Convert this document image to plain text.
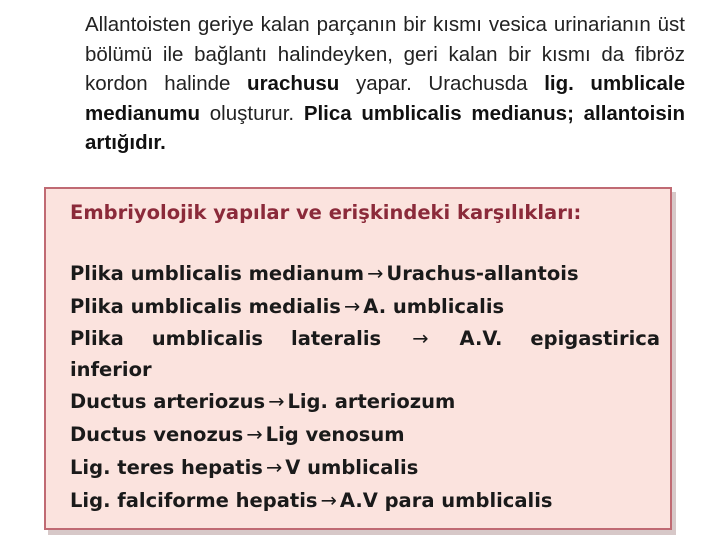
Allantoisten geriye kalan parçanın bir kısmı vesica urinarianın üst bölümü ile bağlantı halindeyken, geri kalan bir kısmı da fibröz kordon halinde urachusu yapar. Urachusda lig. umblicale medianumu oluşturur. Plica umblicalis medianus; allantoisin artığıdır.

Embriyolojik yapılar ve erişkindeki karşılıkları:

Plika umblicalis medianum → Urachus-allantois
Plika umblicalis medialis → A. umblicalis
Plika umblicalis lateralis → A.V. epigastirica
inferior
Ductus arteriozus → Lig. arteriozum
Ductus venozus → Lig venosum
Lig. teres hepatis → V umblicalis
Lig. falciforme hepatis → A.V para umblicalis
